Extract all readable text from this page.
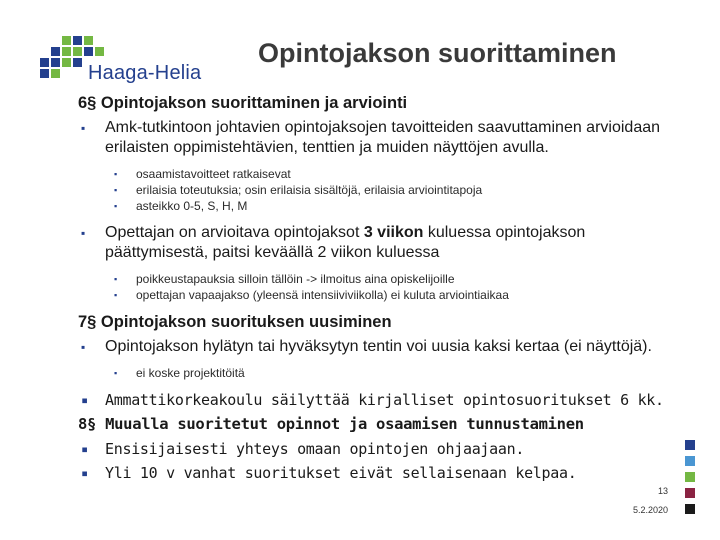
Haaga-Helia
Opintojakson suorittaminen
6§ Opintojakson suorittaminen ja arviointi
▪ Amk-tutkintoon johtavien opintojaksojen tavoitteiden saavuttaminen arvioidaan erilaisten oppimistehtävien, tenttien ja muiden näyttöjen avulla.
▪ osaamistavoitteet ratkaisevat
▪ erilaisia toteutuksia; osin erilaisia sisältöjä, erilaisia arviointitapoja
▪ asteikko 0-5, S, H, M
▪ Opettajan on arvioitava opintojaksot 3 viikon kuluessa opintojakson päättymisestä, paitsi keväällä 2 viikon kuluessa
▪ poikkeustapauksia silloin tällöin -> ilmoitus aina opiskelijoille
▪ opettajan vapaajakso (yleensä intensiiviviikolla) ei kuluta arviointiaikaa
7§ Opintojakson suorituksen uusiminen
▪ Opintojakson hylätyn tai hyväksytyn tentin voi uusia kaksi kertaa (ei näyttöjä).
▪ ei koske projektitöitä
▪ Ammattikorkeakoulu säilyttää kirjalliset opintosuoritukset 6 kk.
8§ Muualla suoritetut opinnot ja osaamisen tunnustaminen
▪ Ensisijaisesti yhteys omaan opintojen ohjaajaan.
▪ Yli 10 v vanhat suoritukset eivät sellaisenaan kelpaa.
13
5.2.2020
